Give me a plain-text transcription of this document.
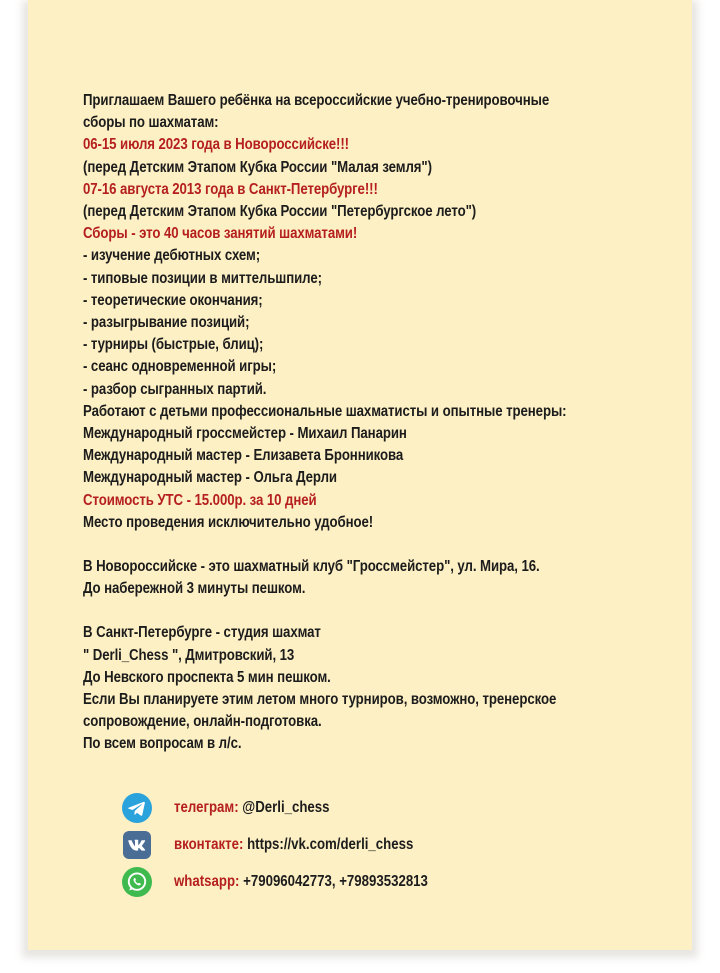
Приглашаем Вашего ребёнка на всероссийские учебно-тренировочные
сборы по шахматам:
06-15 июля 2023 года в Новороссийске!!!
(перед Детским Этапом Кубка России "Малая земля")
07-16 августа 2013 года в Санкт-Петербурге!!!
(перед Детским Этапом Кубка России "Петербургское лето")
Сборы - это 40 часов занятий шахматами!
- изучение дебютных схем;
- типовые позиции в миттельшпиле;
- теоретические окончания;
- разыгрывание позиций;
- турниры (быстрые, блиц);
- сеанс одновременной игры;
- разбор сыгранных партий.
Работают с детьми профессиональные шахматисты и опытные тренеры:
Международный гроссмейстер - Михаил Панарин
Международный мастер - Елизавета Бронникова
Международный мастер - Ольга Дерли
Стоимость УТС - 15.000р. за 10 дней
Место проведения исключительно удобное!
В Новороссийске - это шахматный клуб "Гроссмейстер", ул. Мира, 16.
До набережной 3 минуты пешком.
В Санкт-Петербурге - студия шахмат
" Derli_Chess ", Дмитровский, 13
До Невского проспекта 5 мин пешком.
Если Вы планируете этим летом много турниров, возможно, тренерское
сопровождение, онлайн-подготовка.
По всем вопросам в л/с.
телеграм: @Derli_chess
вконтакте: https://vk.com/derli_chess
whatsapp: +79096042773, +79893532813
